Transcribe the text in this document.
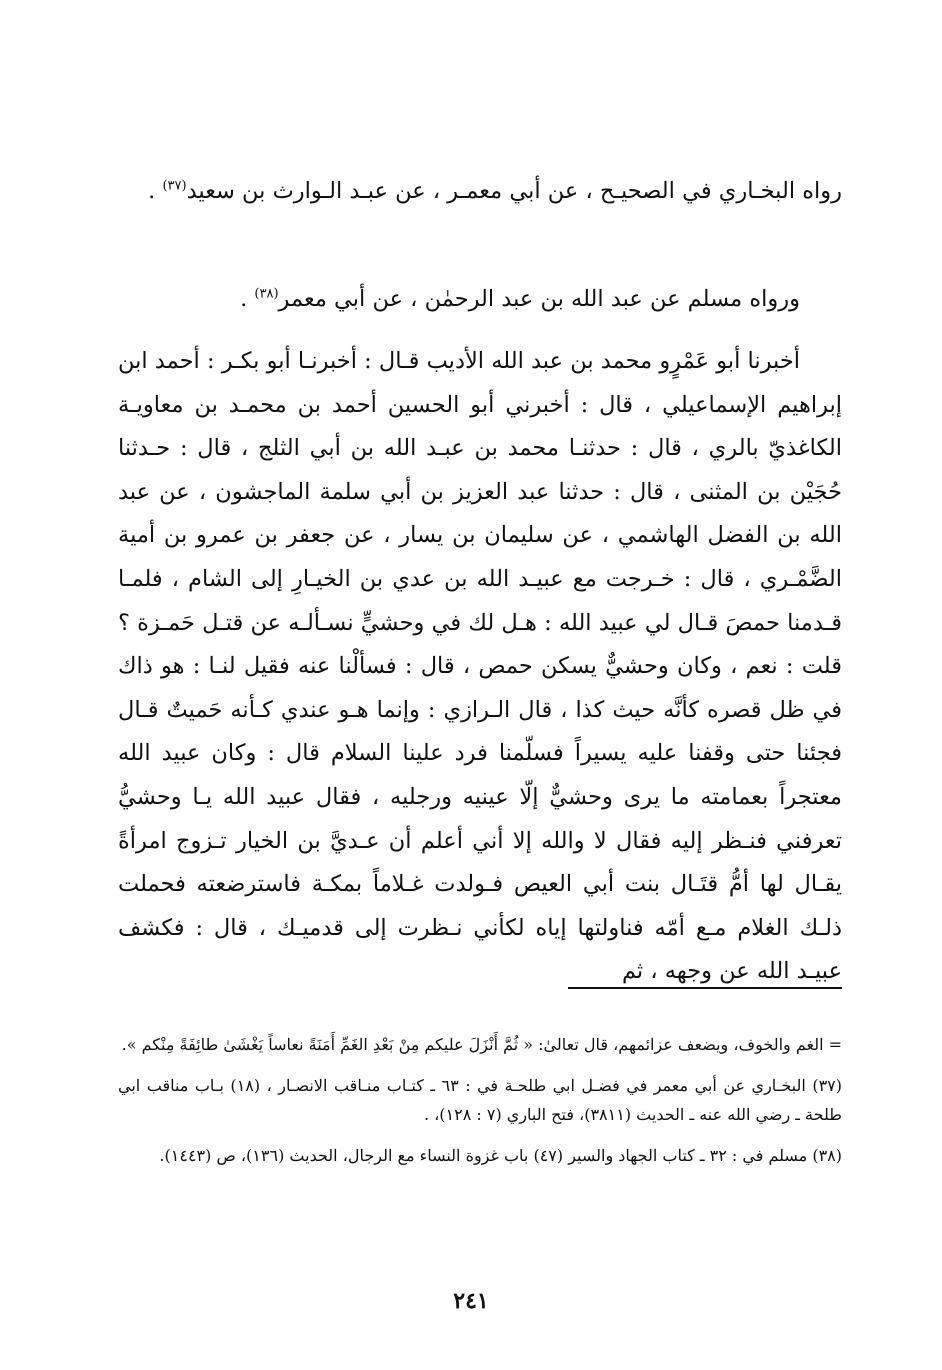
رواه البخـاري في الصحيـح ، عن أبي معمـر ، عن عبـد الـوارث بن سعيد$^{(٣٧)}$ .

ورواه مسلم عن عبد الله بن عبد الرحمٰن ، عن أبي معمر$^{(٣٨)}$ .

أخبرنا أبو عَمْرٍو محمد بن عبد الله الأديب قـال : أخبرنـا أبو بكـر : أحمد ابن إبراهيم الإسماعيلي ، قال : أخبرني أبو الحسين أحمد بن محمـد بن معاويـة الكاغذيّ بالري ، قال : حدثنـا محمد بن عبـد الله بن أبي الثلج ، قال : حـدثنا حُجَيْن بن المثنى ، قال : حدثنا عبد العزيز بن أبي سلمة الماجشون ، عن عبد الله بن الفضل الهاشمي ، عن سليمان بن يسار ، عن جعفر بن عمرو بن أمية الضَّمْـري ، قال : خـرجت مع عبيـد الله بن عدي بن الخيـارِ إلى الشام ، فلمـا قـدمنا حمصَ قـال لي عبيد الله : هـل لك في وحشيٍّ نسـألـه عن قتـل حَمـزة ؟ قلت : نعم ، وكان وحشيٌّ يسكن حمص ، قال : فسألْنا عنه فقيل لنـا : هو ذاك في ظل قصره كأنَّه حيث كذا ، قال الـرازي : وإنما هـو عندي كـأنه حَميتٌ قـال فجئنا حتى وقفنا عليه يسيراً فسلّمنا فرد علينا السلام قال : وكان عبيد الله معتجراً بعمامته ما يرى وحشيٌّ إلّا عينيه ورجليه ، فقال عبيد الله يـا وحشيُّ تعرفني فنـظر إليه فقال لا والله إلا أني أعلم أن عـديَّ بن الخيار تـزوج امرأةً يقـال لها أمُّ قتَـال بنت أبي العيص فـولدت غـلاماً بمكـة فاسترضعته فحملت ذلـك الغلام مـع أمّه فناولتها إياه لكأني نـظرت إلى قدميـك ، قال : فكشف عبيـد الله عن وجهه ، ثم

= الغم والخوف، ويضعف عزائمهم، قال تعالىٰ: « ثُمَّ أَنْزَلَ عليكم مِنْ بَعْدِ الغَمِّ أَمَنَةً نعاساً يَغْشَىٰ طائِفَةً مِنْكم ».

(٣٧) البخـاري عن أبي معمر في فضـل ابي طلحـة في : ٦٣ ـ كتـاب منـاقب الانصـار ، (١٨) بـاب مناقب ابي طلحة ـ رضي الله عنه ـ الحديث (٣٨١١)، فتح الباري (٧ : ١٢٨)، .

(٣٨) مسلم في : ٣٢ ـ كتاب الجهاد والسير (٤٧) باب غزوة النساء مع الرجال، الحديث (١٣٦)، ص (١٤٤٣).

٢٤١
